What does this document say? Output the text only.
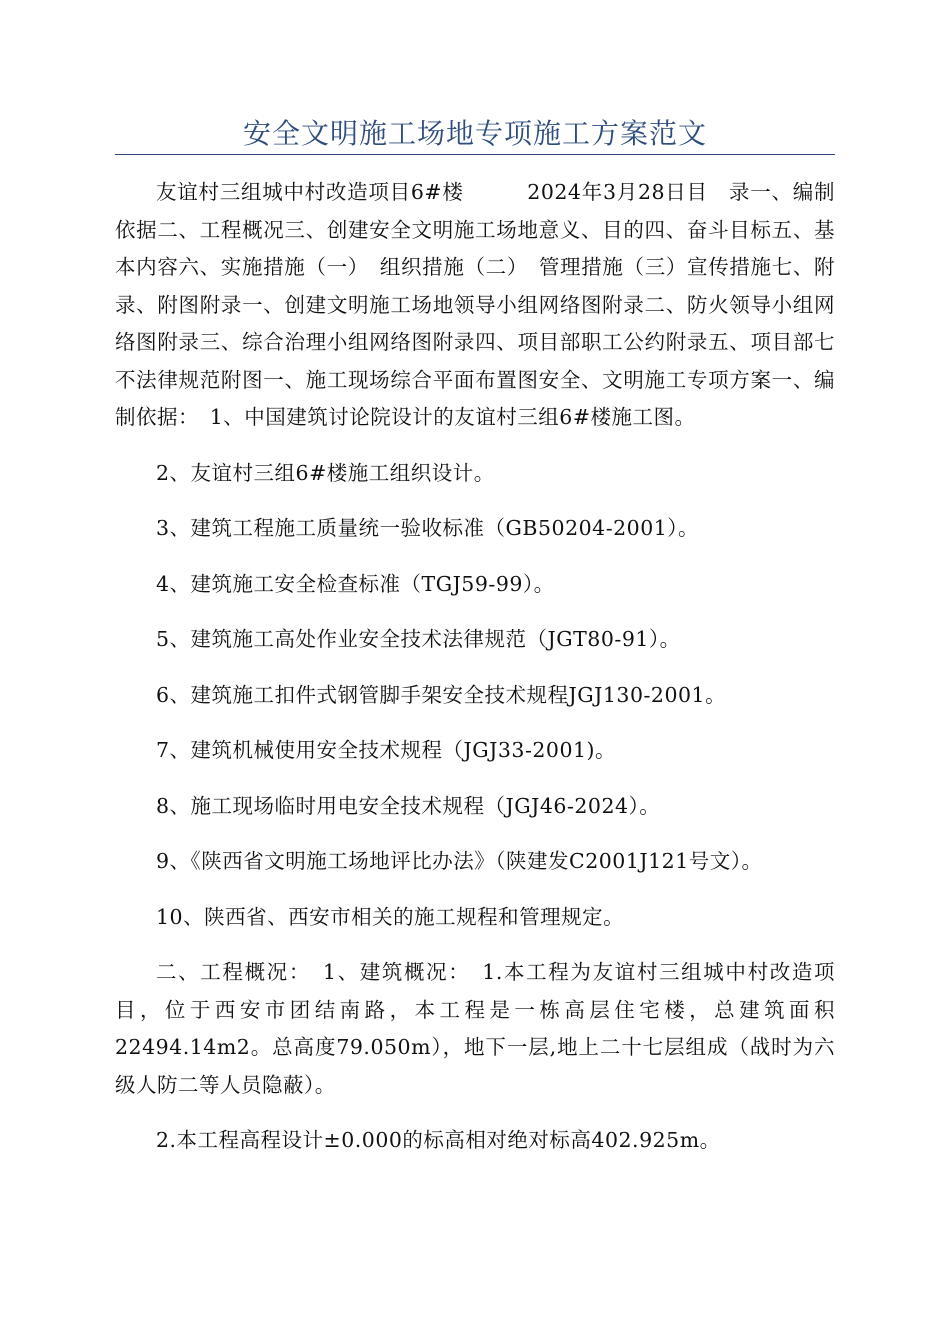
安全文明施工场地专项施工方案范文

友谊村三组城中村改造项目6#楼　　　2024年3月28日目　录一、编制依据二、工程概况三、创建安全文明施工场地意义、目的四、奋斗目标五、基本内容六、实施措施（一）　组织措施（二）　管理措施（三）宣传措施七、附录、附图附录一、创建文明施工场地领导小组网络图附录二、防火领导小组网络图附录三、综合治理小组网络图附录四、项目部职工公约附录五、项目部七不法律规范附图一、施工现场综合平面布置图安全、文明施工专项方案一、编制依据：　1、中国建筑讨论院设计的友谊村三组6#楼施工图。

2、友谊村三组6#楼施工组织设计。

3、建筑工程施工质量统一验收标准（GB50204-2001）。

4、建筑施工安全检查标准（TGJ59-99）。

5、建筑施工高处作业安全技术法律规范（JGT80-91）。

6、建筑施工扣件式钢管脚手架安全技术规程JGJ130-2001。

7、建筑机械使用安全技术规程（JGJ33-2001)。

8、施工现场临时用电安全技术规程（JGJ46-2024）。

9、《陕西省文明施工场地评比办法》（陕建发C2001J121号文）。

10、陕西省、西安市相关的施工规程和管理规定。

二、工程概况：　1、建筑概况：　1.本工程为友谊村三组城中村改造项目，位于西安市团结南路，本工程是一栋高层住宅楼，总建筑面积22494.14m2。总高度79.050m），地下一层,地上二十七层组成（战时为六级人防二等人员隐蔽）。

2.本工程高程设计±0.000的标高相对绝对标高402.925m。
